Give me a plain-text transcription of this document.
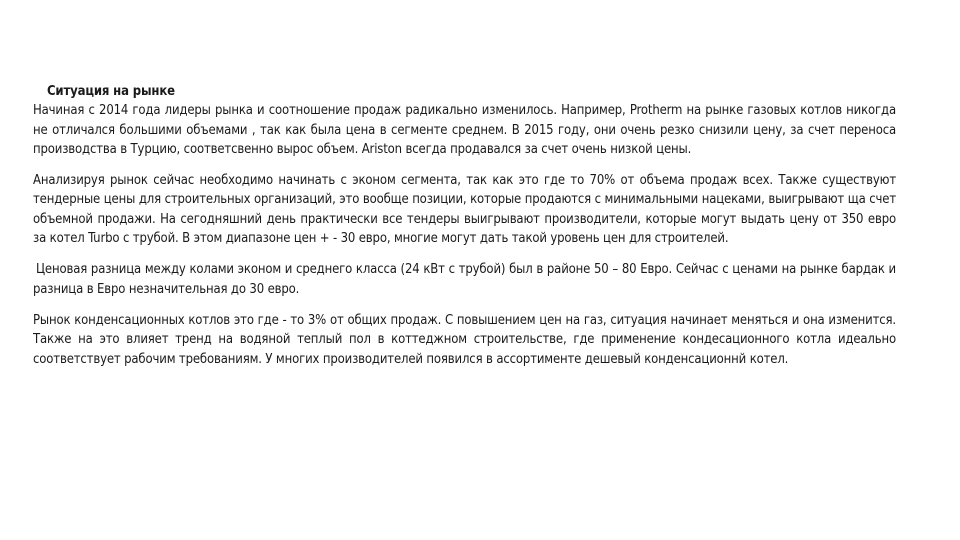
Ситуация на рынке

Начиная с 2014 года лидеры рынка и соотношение продаж радикально изменилось. Например, Protherm на рынке газовых котлов никогда не отличался большими объемами , так как была цена в сегменте среднем. В 2015 году, они очень резко снизили цену, за счет переноса производства в Турцию, соответсвенно вырос объем. Ariston всегда продавался за счет очень низкой цены.

Анализируя рынок сейчас необходимо начинать с эконом сегмента, так как это где то 70% от объема продаж всех. Также существуют тендерные цены для строительных организаций, это вообще позиции, которые продаются с минимальными нацеками, выигрывают ща счет объемной продажи. На сегодняшний день практически все тендеры выигрывают производители, которые могут выдать цену от 350 евро за котел Turbo с трубой. В этом диапазоне цен + - 30 евро, многие могут дать такой уровень цен для строителей.

Ценовая разница между колами эконом и среднего класса (24 кВт с трубой) был в районе 50 – 80 Евро. Сейчас с ценами на рынке бардак и разница в Евро незначительная до 30 евро.

Рынок конденсационных котлов это где - то 3% от общих продаж. С повышением цен на газ, ситуация начинает меняться и она изменится. Также на это влияет тренд на водяной теплый пол в коттеджном строительстве, где применение кондесационного котла идеально соответствует рабочим требованиям. У многих производителей появился в ассортименте дешевый конденсационнй котел.
